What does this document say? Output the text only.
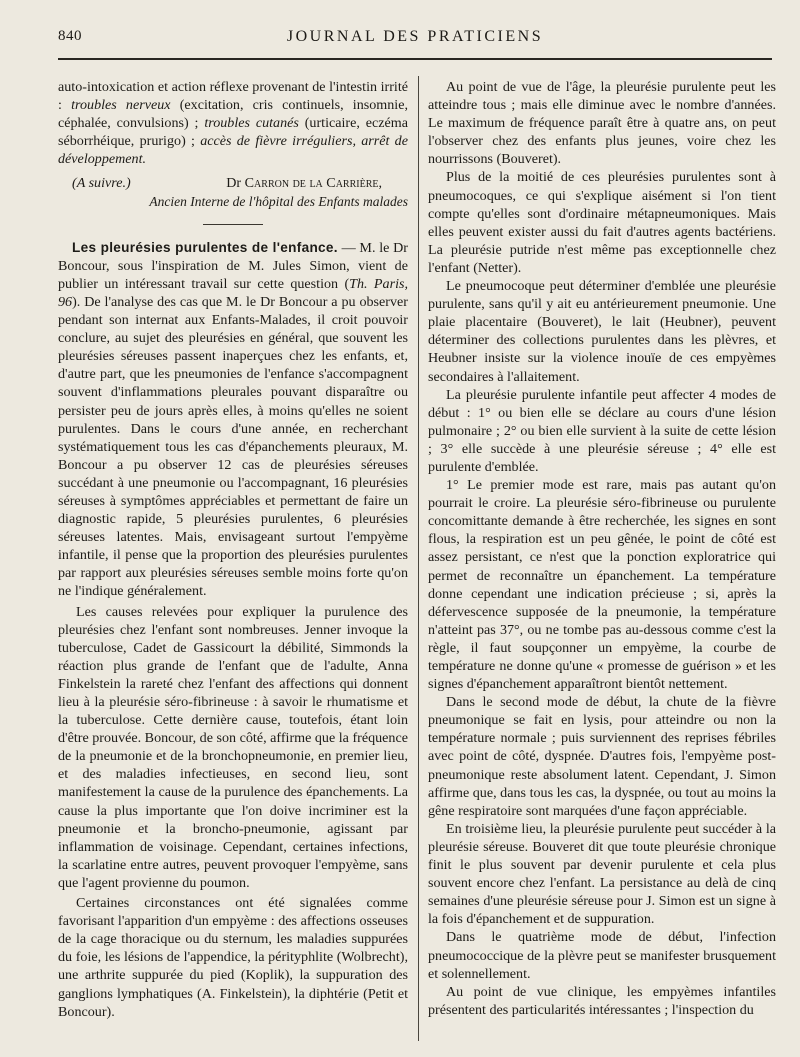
840	JOURNAL DES PRATICIENS

auto-intoxication et action réflexe provenant de l'intestin irrité : troubles nerveux (excitation, cris continuels, insomnie, céphalée, convulsions) ; troubles cutanés (urticaire, eczéma séborrhéique, prurigo) ; accès de fièvre irréguliers, arrêt de développement.

(A suivre.)	Dr Carron de la Carrière,
Ancien Interne de l'hôpital des Enfants malades

Les pleurésies purulentes de l'enfance. — M. le Dr Boncour, sous l'inspiration de M. Jules Simon, vient de publier un intéressant travail sur cette question (Th. Paris, 96). De l'analyse des cas que M. le Dr Boncour a pu observer pendant son internat aux Enfants-Malades, il croit pouvoir conclure, au sujet des pleurésies en général, que souvent les pleurésies séreuses passent inaperçues chez les enfants, et, d'autre part, que les pneumonies de l'enfance s'accompagnent souvent d'inflammations pleurales pouvant disparaître ou persister peu de jours après elles, à moins qu'elles ne soient purulentes. Dans le cours d'une année, en recherchant systématiquement tous les cas d'épanchements pleuraux, M. Boncour a pu observer 12 cas de pleurésies séreuses succédant à une pneumonie ou l'accompagnant, 16 pleurésies séreuses à symptômes appréciables et permettant de faire un diagnostic rapide, 5 pleurésies purulentes, 6 pleurésies séreuses latentes. Mais, envisageant surtout l'empyème infantile, il pense que la proportion des pleurésies purulentes par rapport aux pleurésies séreuses semble moins forte qu'on ne l'indique généralement.

Les causes relevées pour expliquer la purulence des pleurésies chez l'enfant sont nombreuses. Jenner invoque la tuberculose, Cadet de Gassicourt la débilité, Simmonds la réaction plus grande de l'enfant que de l'adulte, Anna Finkelstein la rareté chez l'enfant des affections qui donnent lieu à la pleurésie séro-fibrineuse : à savoir le rhumatisme et la tuberculose. Cette dernière cause, toutefois, étant loin d'être prouvée. Boncour, de son côté, affirme que la fréquence de la pneumonie et de la bronchopneumonie, en premier lieu, et des maladies infectieuses, en second lieu, sont manifestement la cause de la purulence des épanchements. La cause la plus importante que l'on doive incriminer est la pneumonie et la broncho-pneumonie, agissant par inflammation de voisinage. Cependant, certaines infections, la scarlatine entre autres, peuvent provoquer l'empyème, sans que l'agent provienne du poumon.

Certaines circonstances ont été signalées comme favorisant l'apparition d'un empyème : des affections osseuses de la cage thoracique ou du sternum, les maladies suppurées du foie, les lésions de l'appendice, la pérityphlite (Wolbrecht), une arthrite suppurée du pied (Koplik), la suppuration des ganglions lymphatiques (A. Finkelstein), la diphtérie (Petit et Boncour).

Au point de vue de l'âge, la pleurésie purulente peut les atteindre tous ; mais elle diminue avec le nombre d'années. Le maximum de fréquence paraît être à quatre ans, on peut l'observer chez des enfants plus jeunes, voire chez les nourrissons (Bouveret).

Plus de la moitié de ces pleurésies purulentes sont à pneumocoques, ce qui s'explique aisément si l'on tient compte qu'elles sont d'ordinaire métapneumoniques. Mais elles peuvent exister aussi du fait d'autres agents bactériens. La pleurésie putride n'est même pas exceptionnelle chez l'enfant (Netter).

Le pneumocoque peut déterminer d'emblée une pleurésie purulente, sans qu'il y ait eu antérieurement pneumonie. Une plaie placentaire (Bouveret), le lait (Heubner), peuvent déterminer des collections purulentes dans les plèvres, et Heubner insiste sur la violence inouïe de ces empyèmes secondaires à l'allaitement.

La pleurésie purulente infantile peut affecter 4 modes de début : 1° ou bien elle se déclare au cours d'une lésion pulmonaire ; 2° ou bien elle survient à la suite de cette lésion ; 3° elle succède à une pleurésie séreuse ; 4° elle est purulente d'emblée.

1° Le premier mode est rare, mais pas autant qu'on pourrait le croire. La pleurésie séro-fibrineuse ou purulente concomittante demande à être recherchée, les signes en sont flous, la respiration est un peu gênée, le point de côté est assez persistant, ce n'est que la ponction exploratrice qui permet de reconnaître un épanchement. La température donne cependant une indication précieuse ; si, après la défervescence supposée de la pneumonie, la température n'atteint pas 37°, ou ne tombe pas au-dessous comme c'est la règle, il faut soupçonner un empyème, la courbe de température ne donne qu'une « promesse de guérison » et les signes d'épanchement apparaîtront bientôt nettement.

Dans le second mode de début, la chute de la fièvre pneumonique se fait en lysis, pour atteindre ou non la température normale ; puis surviennent des reprises fébriles avec point de côté, dyspnée. D'autres fois, l'empyème post-pneumonique reste absolument latent. Cependant, J. Simon affirme que, dans tous les cas, la dyspnée, ou tout au moins la gêne respiratoire sont marquées d'une façon appréciable.

En troisième lieu, la pleurésie purulente peut succéder à la pleurésie séreuse. Bouveret dit que toute pleurésie chronique finit le plus souvent par devenir purulente et cela plus souvent encore chez l'enfant. La persistance au delà de cinq semaines d'une pleurésie séreuse pour J. Simon est un signe à la fois d'épanchement et de suppuration.

Dans le quatrième mode de début, l'infection pneumococcique de la plèvre peut se manifester brusquement et solennellement.

Au point de vue clinique, les empyèmes infantiles présentent des particularités intéressantes ; l'inspection du
